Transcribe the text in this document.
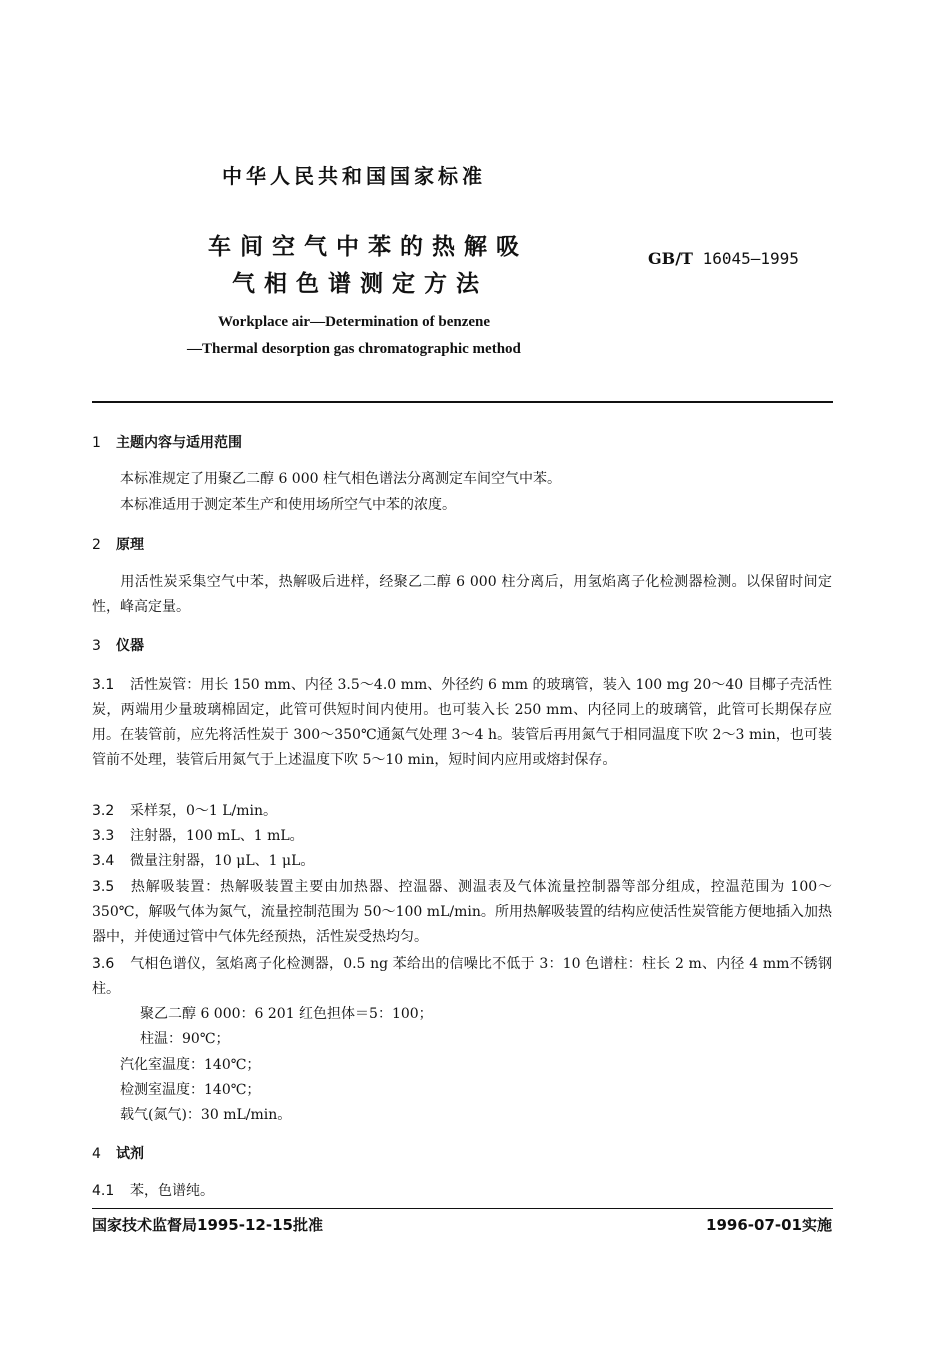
中华人民共和国国家标准
车间空气中苯的热解吸
气相色谱测定方法
GB/T 16045—1995
Workplace air—Determination of benzene
—Thermal desorption gas chromatographic method
1 主题内容与适用范围
本标准规定了用聚乙二醇 6 000 柱气相色谱法分离测定车间空气中苯。
本标准适用于测定苯生产和使用场所空气中苯的浓度。
2 原理
用活性炭采集空气中苯，热解吸后进样，经聚乙二醇 6 000 柱分离后，用氢焰离子化检测器检测。以保留时间定性，峰高定量。
3 仪器
3.1 活性炭管：用长 150 mm、内径 3.5～4.0 mm、外径约 6 mm 的玻璃管，装入 100 mg 20～40 目椰子壳活性炭，两端用少量玻璃棉固定，此管可供短时间内使用。也可装入长 250 mm、内径同上的玻璃管，此管可长期保存应用。在装管前，应先将活性炭于 300～350℃通氮气处理 3～4 h。装管后再用氮气于相同温度下吹 2～3 min，也可装管前不处理，装管后用氮气于上述温度下吹 5～10 min，短时间内应用或熔封保存。
3.2 采样泵，0～1 L/min。
3.3 注射器，100 mL、1 mL。
3.4 微量注射器，10 μL、1 μL。
3.5 热解吸装置：热解吸装置主要由加热器、控温器、测温表及气体流量控制器等部分组成，控温范围为 100～350℃，解吸气体为氮气，流量控制范围为 50～100 mL/min。所用热解吸装置的结构应使活性炭管能方便地插入加热器中，并使通过管中气体先经预热，活性炭受热均匀。
3.6 气相色谱仪，氢焰离子化检测器，0.5 ng 苯给出的信噪比不低于 3：10 色谱柱：柱长 2 m、内径 4 mm不锈钢柱。
聚乙二醇 6 000：6 201 红色担体＝5：100；
柱温：90℃；
汽化室温度：140℃；
检测室温度：140℃；
载气(氮气)：30 mL/min。
4 试剂
4.1 苯，色谱纯。
国家技术监督局1995-12-15批准	1996-07-01实施
